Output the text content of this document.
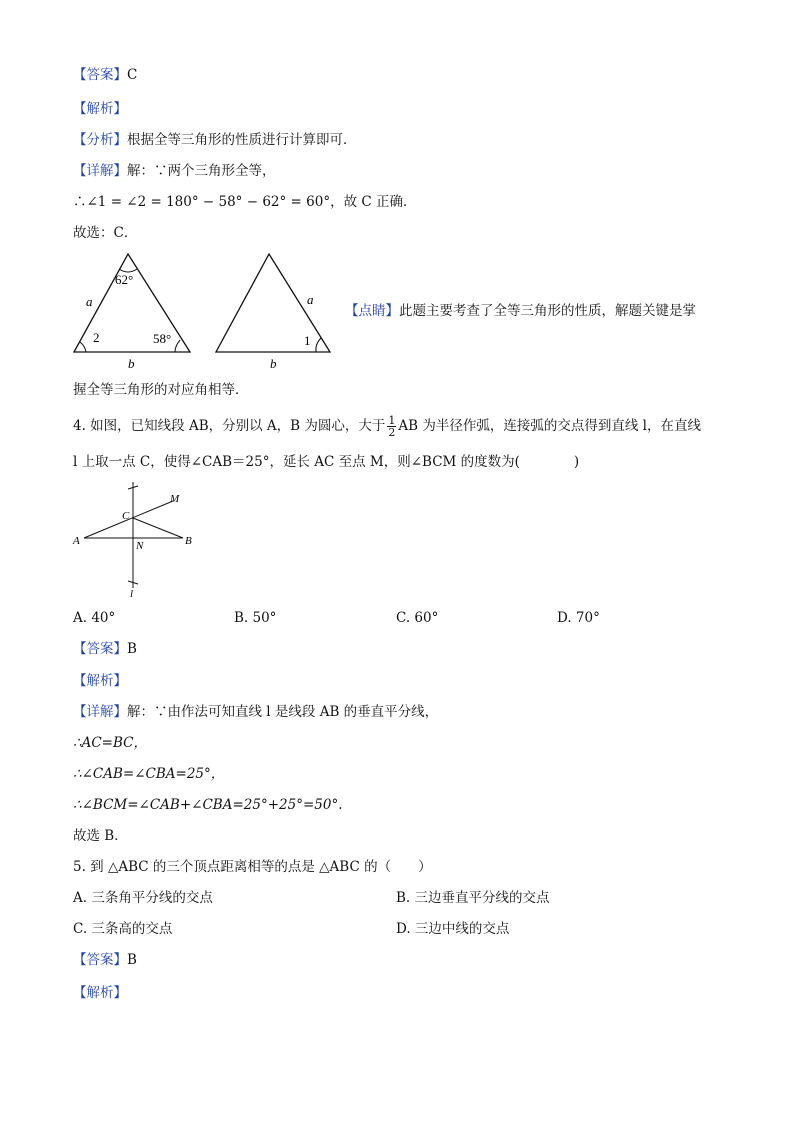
【答案】C
【解析】
【分析】根据全等三角形的性质进行计算即可．
【详解】解：∵两个三角形全等，
∴∠1 = ∠2 = 180° − 58° − 62° = 60°，故 C 正确．
故选：C．
62°
58°
2
a
b
1
a
b
【点睛】此题主要考查了全等三角形的性质，解题关键是掌
握全等三角形的对应角相等．
4. 如图，已知线段 AB，分别以 A，B 为圆心，大于 $\frac{1}{2}$ AB 为半径作弧，连接弧的交点得到直线 l，在直线
l 上取一点 C，使得∠CAB＝25°，延长 AC 至点 M，则∠BCM 的度数为(　　　　)
A	B
C
N
M
l
A. 40°	B. 50°	C. 60°	D. 70°
【答案】B
【解析】
【详解】解：∵由作法可知直线 l 是线段 AB 的垂直平分线，
∴AC=BC，
∴∠CAB=∠CBA=25°，
∴∠BCM=∠CAB+∠CBA=25°+25°=50°.
故选 B．
5. 到 △ABC 的三个顶点距离相等的点是 △ABC 的（　　）
A. 三条角平分线的交点	B. 三边垂直平分线的交点
C. 三条高的交点	D. 三边中线的交点
【答案】B
【解析】
